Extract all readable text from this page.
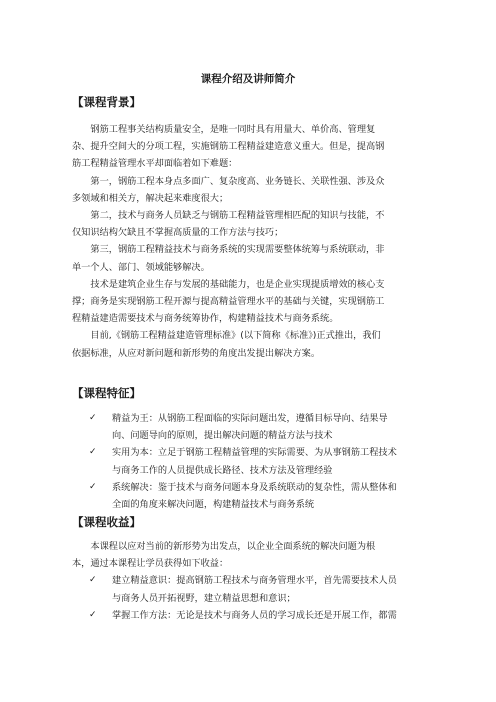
课程介绍及讲师简介
【课程背景】
钢筋工程事关结构质量安全，是唯一同时具有用量大、单价高、管理复
杂、提升空间大的分项工程，实施钢筋工程精益建造意义重大。但是，提高钢
筋工程精益管理水平却面临着如下难题：
第一，钢筋工程本身点多面广、复杂度高、业务链长、关联性强、涉及众
多领域和相关方，解决起来难度很大；
第二，技术与商务人员缺乏与钢筋工程精益管理相匹配的知识与技能，不
仅知识结构欠缺且不掌握高质量的工作方法与技巧；
第三，钢筋工程精益技术与商务系统的实现需要整体统筹与系统联动，非
单一个人、部门、领域能够解决。
技术是建筑企业生存与发展的基础能力，也是企业实现提质增效的核心支
撑；商务是实现钢筋工程开源与提高精益管理水平的基础与关键，实现钢筋工
程精益建造需要技术与商务统筹协作，构建精益技术与商务系统。
目前,《钢筋工程精益建造管理标准》(以下简称《标准》)正式推出，我们
依据标准，从应对新问题和新形势的角度出发提出解决方案。
【课程特征】
✓	精益为王：从钢筋工程面临的实际问题出发，遵循目标导向、结果导
向、问题导向的原则，提出解决问题的精益方法与技术
✓	实用为本：立足于钢筋工程精益管理的实际需要、为从事钢筋工程技术
与商务工作的人员提供成长路径、技术方法及管理经验
✓	系统解决：鉴于技术与商务问题本身及系统联动的复杂性，需从整体和
全面的角度来解决问题，构建精益技术与商务系统
【课程收益】
本课程以应对当前的新形势为出发点，以企业全面系统的解决问题为根
本，通过本课程让学员获得如下收益：
✓	建立精益意识：提高钢筋工程技术与商务管理水平，首先需要技术人员
与商务人员开拓视野，建立精益思想和意识；
✓	掌握工作方法：无论是技术与商务人员的学习成长还是开展工作，都需
